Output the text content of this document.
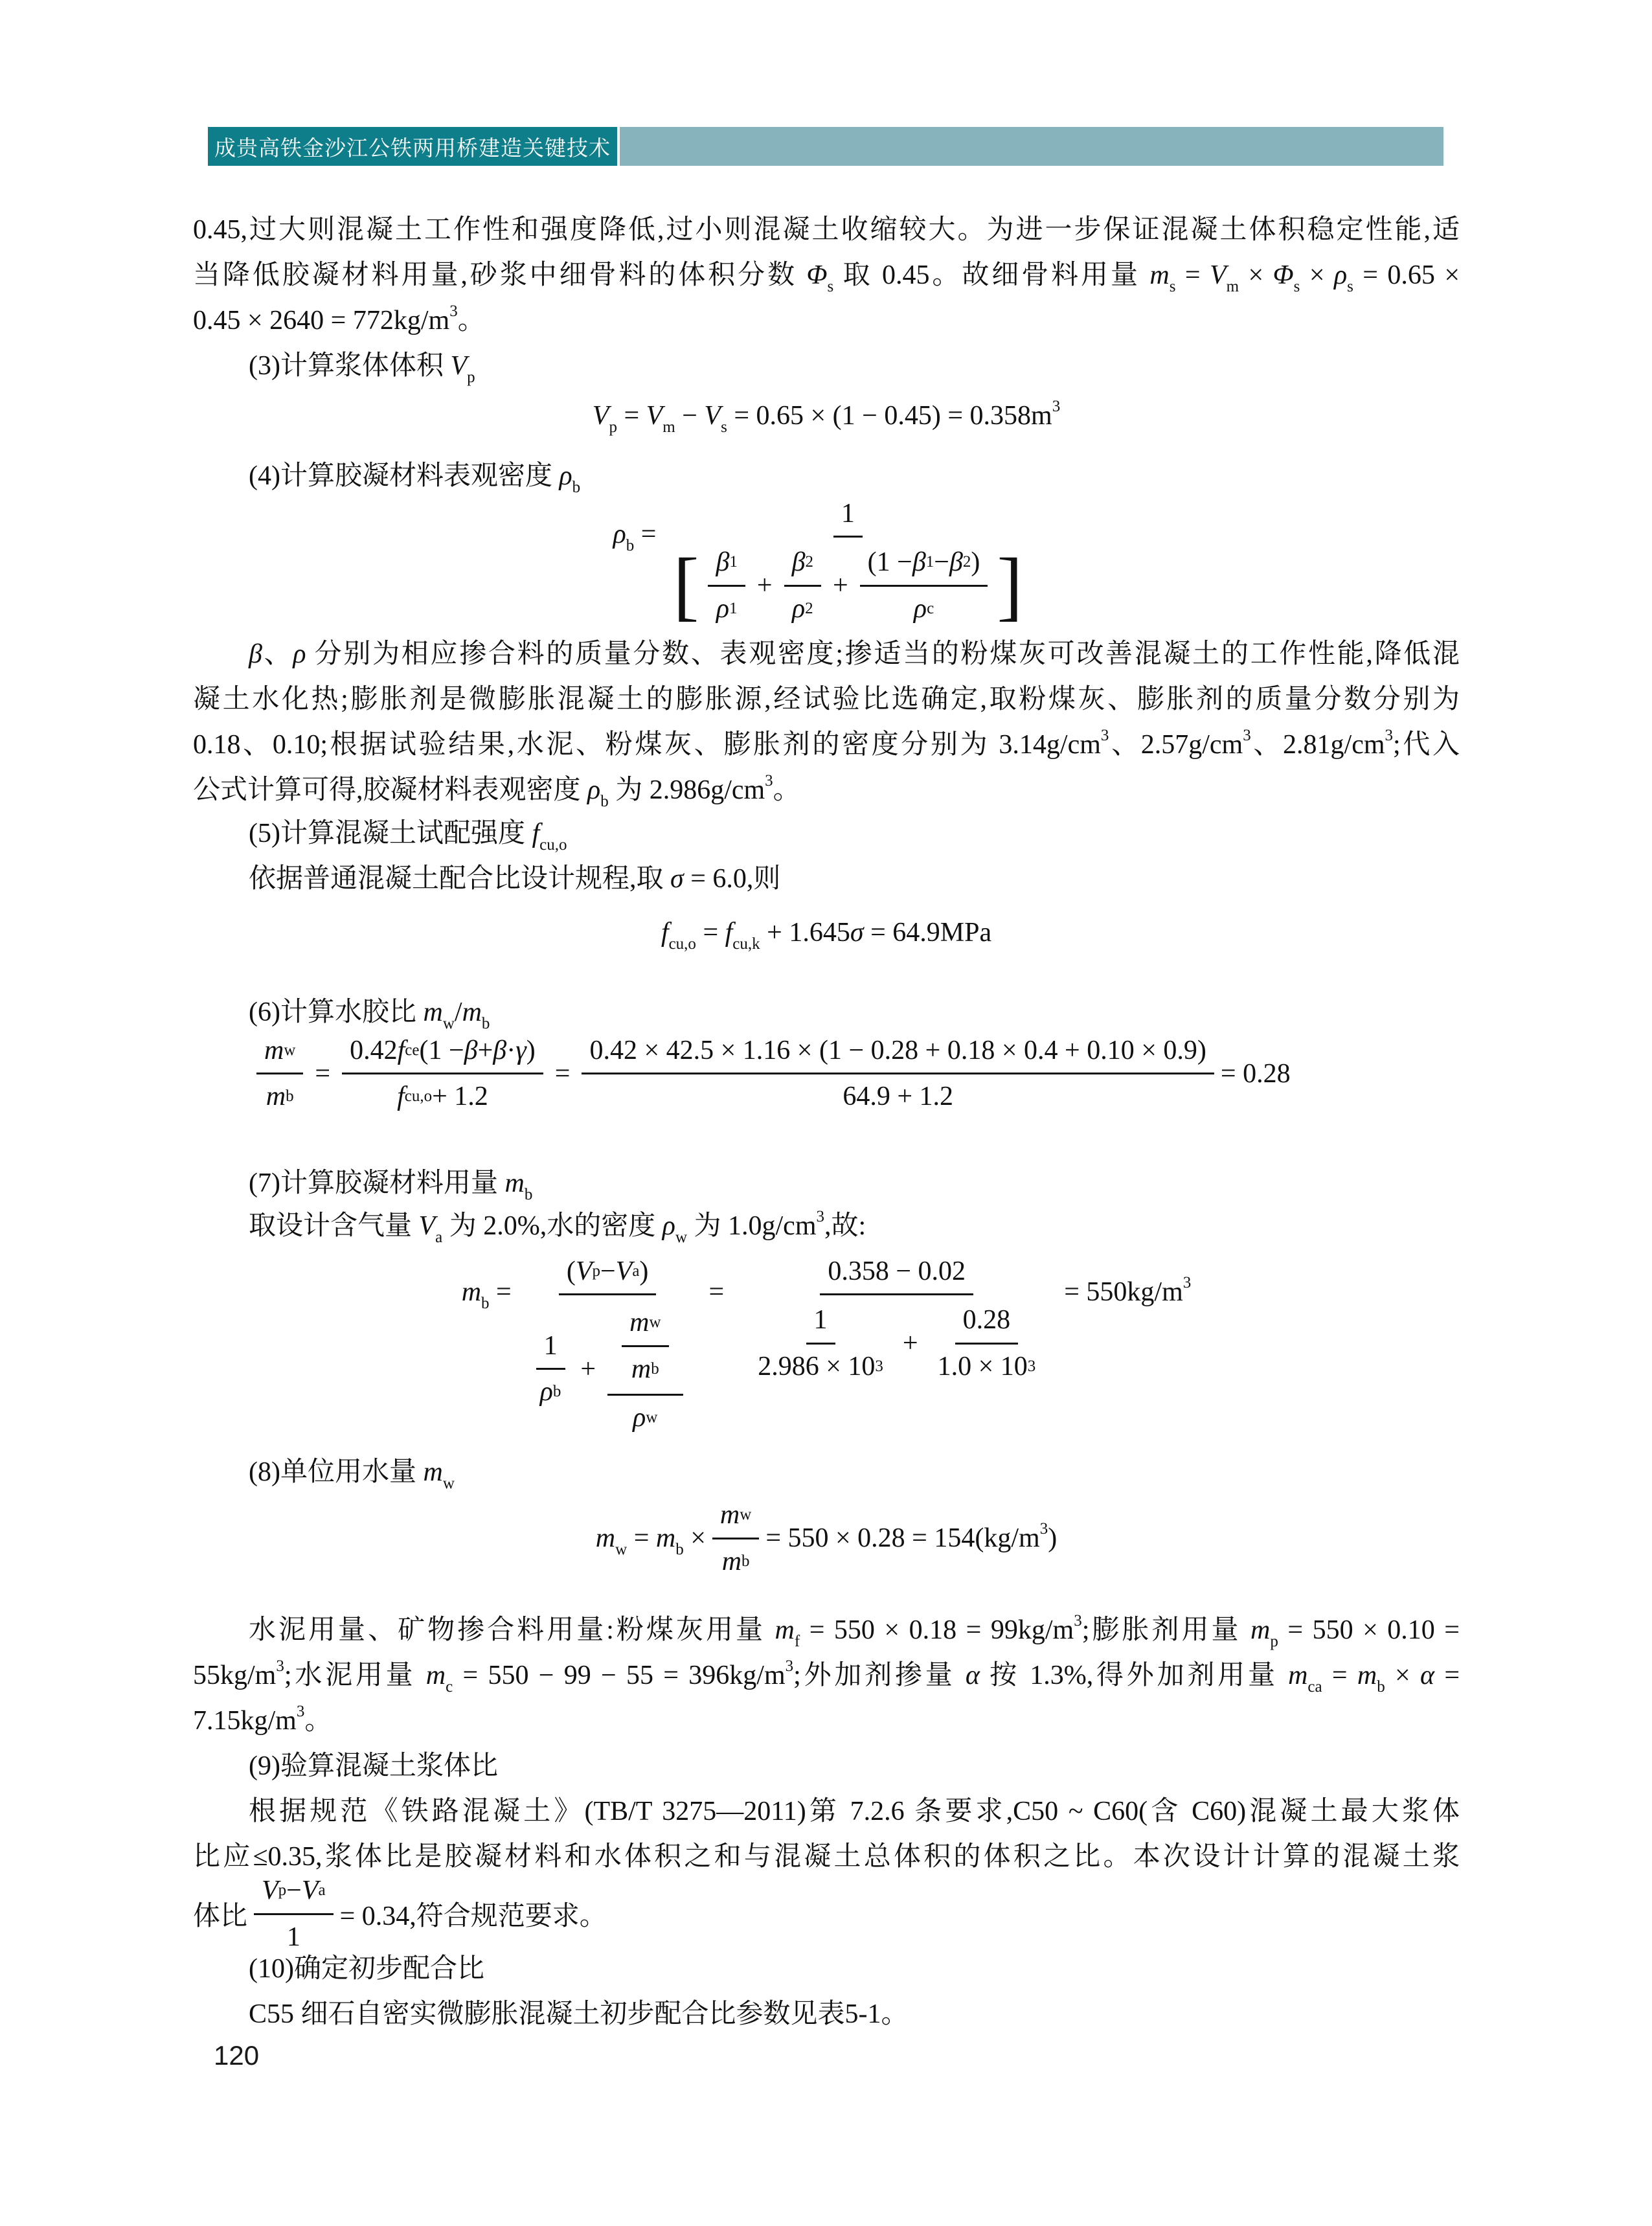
成贵高铁金沙江公铁两用桥建造关键技术
0.45,过大则混凝土工作性和强度降低,过小则混凝土收缩较大。为进一步保证混凝土体积稳定性能,适
当降低胶凝材料用量,砂浆中细骨料的体积分数 $\Phi_s$ 取 0.45。故细骨料用量 $m_s = V_m \times \Phi_s \times \rho_s = 0.65$ ×
$0.45 \times 2640 = 772kg/m^3$。
(3)计算浆体体积 $V_p$
$V_p = V_m - V_s = 0.65 \times (1 - 0.45) = 0.358m^3$
(4)计算胶凝材料表观密度 $\rho_b$
$\rho_b$ =
1
[ $\frac{\beta 1}{\rho 1} + \frac{\beta 2}{\rho 2} + \frac{(1 - \beta 1 - \beta 2 )}{\text{ρ c}}$ ]
β、ρ 分别为相应掺合料的质量分数、表观密度;掺适当的粉煤灰可改善混凝土的工作性能,降低混
凝土水化热;膨胀剂是微膨胀混凝土的膨胀源,经试验比选确定,取粉煤灰、膨胀剂的质量分数分别为
0.18、0.10;根据试验结果,水泥、粉煤灰、膨胀剂的密度分别为 $3.14g/cm^3$、$2.57g/cm^3$、$2.81g/cm^3$;代入
公式计算可得,胶凝材料表观密度 $\rho_b$ 为 $2.986g/cm^3$。
(5)计算混凝土试配强度 $f_{cu,o}$
依据普通混凝土配合比设计规程,取 σ = 6.0,则
$f_{cu,o} = f_{cu,k} + 1.645\sigma = 64.9MPa$
(6)计算水胶比 $m_w/m_b$
$\frac{\text{m w}}{\text{m b}}$ =
0.42 f ce (1 − β + β · γ )
f cu,o + 1.2
= $\frac{0.42 \times 42.5 \times 1.16 \times (1 - 0.28 + 0.18 \times 0.4 + 0.10 \times 0.9)}{64.9 + 1.2} = 0.28$
(7)计算胶凝材料用量 $m_b$
取设计含气量 $V_a$ 为 2.0%,水的密度 $\rho_w$ 为 $1.0g/cm^3$,故:
$m_b$ =
( V p − V a )
$\frac{1}{\text{ρ b}} + \frac{\frac{\text{m w}}{\text{m b}}}{\text{ρ w}}$
=
0.358 − 0.02
$\frac{1}{2.986 \times 10 3} + \frac{0.28}{1.0 \times 10 3}$
= $550kg/m^3$
(8)单位用水量 $m_w$
$m_w = m_b \times \frac{\text{m w}}{\text{m b}} = 550 \times 0.28 = 154(kg/m^3)$
水泥用量、矿物掺合料用量:粉煤灰用量 $m_f = 550 \times 0.18 = 99kg/m^3$;膨胀剂用量 $m_p = 550 \times 0.10$ =
$55kg/m^3$;水泥用量 $m_c = 550 - 99 - 55 = 396kg/m^3$;外加剂掺量 α 按 1.3%,得外加剂用量 $m_{ca} = m_b \times \alpha$ =
$7.15kg/m^3$。
(9)验算混凝土浆体比
根据规范《铁路混凝土》(TB/T 3275—2011)第 7.2.6 条要求,C50 ~ C60(含 C60)混凝土最大浆体
比应≤0.35,浆体比是胶凝材料和水体积之和与混凝土总体积的体积之比。本次设计计算的混凝土浆
体比 $\frac{\text{V p − V a}}{1} = 0.34$,符合规范要求。
(10)确定初步配合比
C55 细石自密实微膨胀混凝土初步配合比参数见表5-1。
120
